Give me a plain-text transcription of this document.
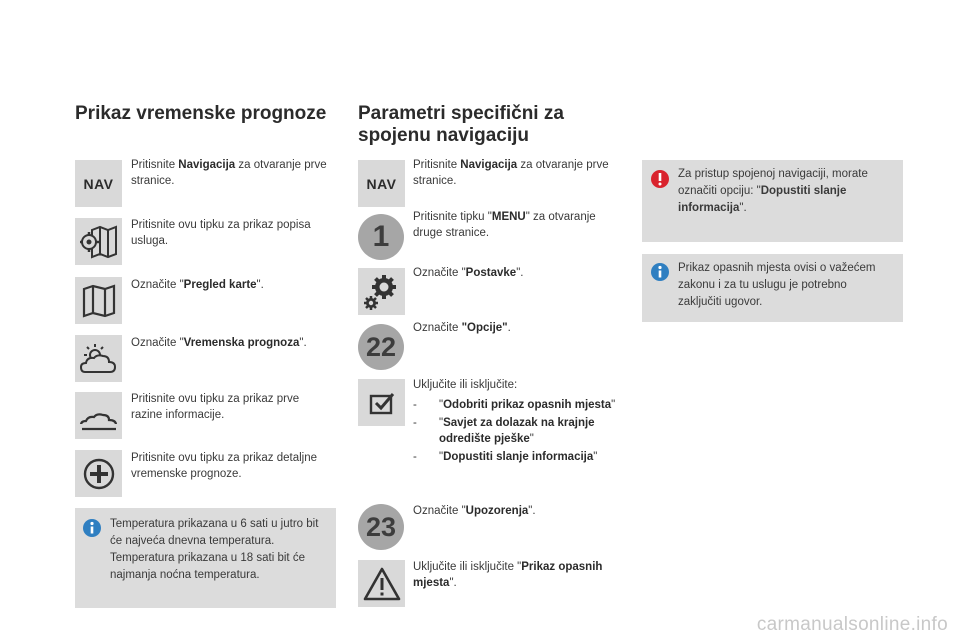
Prikaz vremenske prognoze
NAV
Pritisnite Navigacija za otvaranje prve stranice.
Pritisnite ovu tipku za prikaz popisa usluga.
Označite "Pregled karte".
Označite "Vremenska prognoza".
Pritisnite ovu tipku za prikaz prve razine informacije.
Pritisnite ovu tipku za prikaz detaljne vremenske prognoze.
Temperatura prikazana u 6 sati u jutro bit će najveća dnevna temperatura. Temperatura prikazana u 18 sati bit će najmanja noćna temperatura.
Parametri specifični za
spojenu navigaciju
NAV
Pritisnite Navigacija za otvaranje prve stranice.
1
Pritisnite tipku "MENU" za otvaranje druge stranice.
Označite "Postavke".
22
Označite "Opcije".
Uključite ili isključite:
- "Odobriti prikaz opasnih mjesta"
- "Savjet za dolazak na krajnje odredište pješke"
- "Dopustiti slanje informacija"
23
Označite "Upozorenja".
Uključite ili isključite "Prikaz opasnih mjesta".
Za pristup spojenoj navigaciji, morate označiti opciju: "Dopustiti slanje informacija".
Prikaz opasnih mjesta ovisi o važećem zakonu i za tu uslugu je potrebno zaključiti ugovor.
carmanualsonline.info
